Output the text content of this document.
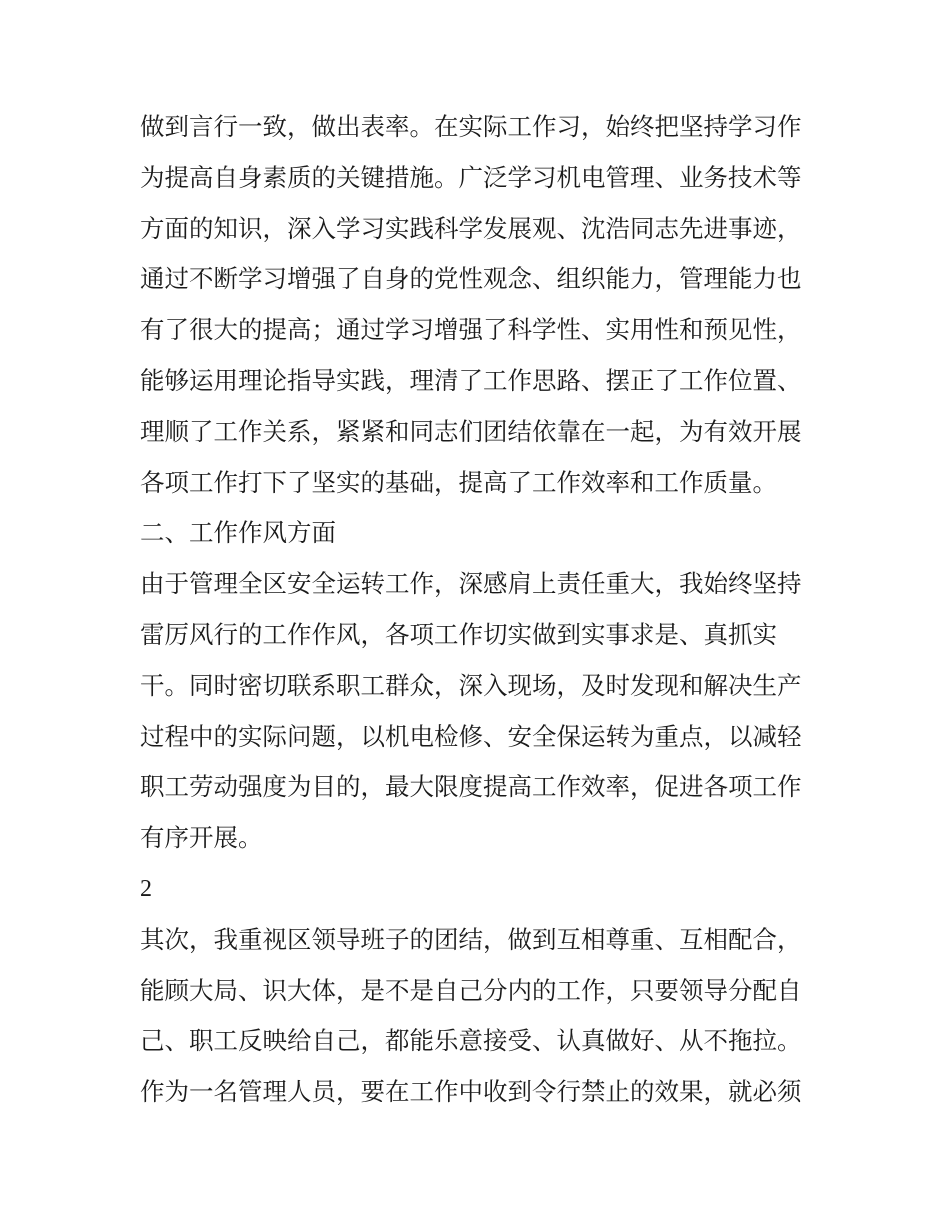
做到言行一致，做出表率。在实际工作习，始终把坚持学习作
为提高自身素质的关键措施。广泛学习机电管理、业务技术等
方面的知识，深入学习实践科学发展观、沈浩同志先进事迹，
通过不断学习增强了自身的党性观念、组织能力，管理能力也
有了很大的提高；通过学习增强了科学性、实用性和预见性，
能够运用理论指导实践，理清了工作思路、摆正了工作位置、
理顺了工作关系，紧紧和同志们团结依靠在一起，为有效开展
各项工作打下了坚实的基础，提高了工作效率和工作质量。
二、工作作风方面
由于管理全区安全运转工作，深感肩上责任重大，我始终坚持
雷厉风行的工作作风，各项工作切实做到实事求是、真抓实
干。同时密切联系职工群众，深入现场，及时发现和解决生产
过程中的实际问题，以机电检修、安全保运转为重点，以减轻
职工劳动强度为目的，最大限度提高工作效率，促进各项工作
有序开展。
2
其次，我重视区领导班子的团结，做到互相尊重、互相配合，
能顾大局、识大体，是不是自己分内的工作，只要领导分配自
己、职工反映给自己，都能乐意接受、认真做好、从不拖拉。
作为一名管理人员，要在工作中收到令行禁止的效果，就必须
